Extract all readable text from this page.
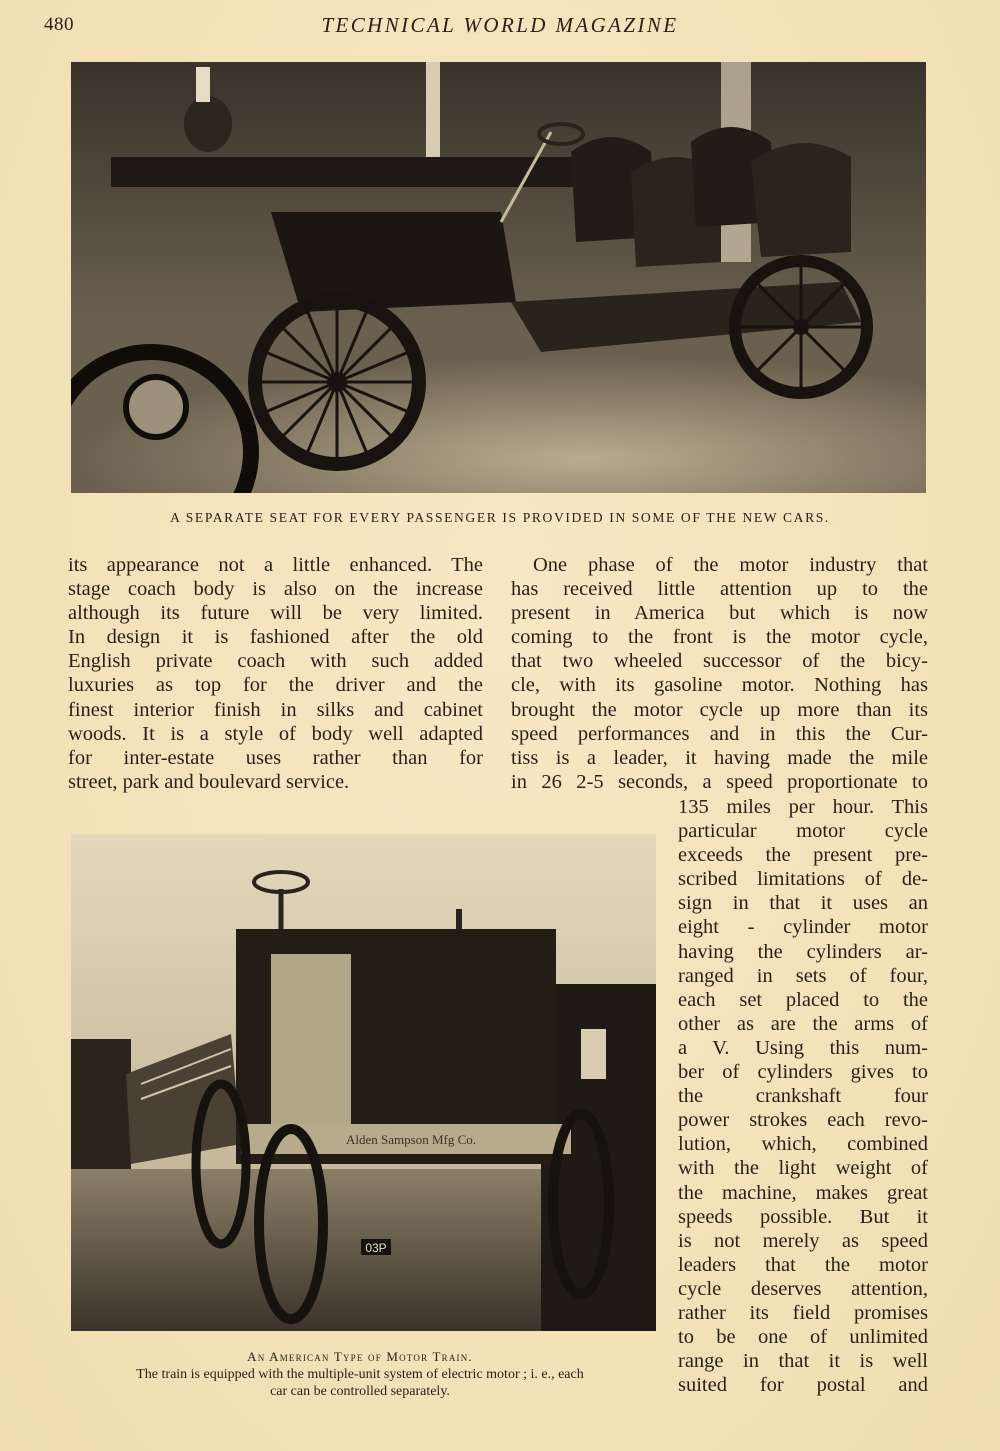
480	TECHNICAL WORLD MAGAZINE
A SEPARATE SEAT FOR EVERY PASSENGER IS PROVIDED IN SOME OF THE NEW CARS.
its appearance not a little enhanced. The
stage coach body is also on the increase
although its future will be very limited.
In design it is fashioned after the old
English private coach with such added
luxuries as top for the driver and the
finest interior finish in silks and cabinet
woods. It is a style of body well adapted
for inter-estate uses rather than for
street, park and boulevard service.
One phase of the motor industry that
has received little attention up to the
present in America but which is now
coming to the front is the motor cycle,
that two wheeled successor of the bicy-
cle, with its gasoline motor. Nothing has
brought the motor cycle up more than its
speed performances and in this the Cur-
tiss is a leader, it having made the mile
in 26 2-5 seconds, a speed proportionate to
135 miles per hour. This
particular motor cycle
exceeds the present pre-
scribed limitations of de-
sign in that it uses an
eight - cylinder motor
having the cylinders ar-
ranged in sets of four,
each set placed to the
other as are the arms of
a V. Using this num-
ber of cylinders gives to
the crankshaft four
power strokes each revo-
lution, which, combined
with the light weight of
the machine, makes great
speeds possible. But it
is not merely as speed
leaders that the motor
cycle deserves attention,
rather its field promises
to be one of unlimited
range in that it is well
suited for postal and
Alden Sampson Mfg Co.
03P
An American Type of Motor Train.
The train is equipped with the multiple-unit system of electric motor ; i. e., each
car can be controlled separately.
